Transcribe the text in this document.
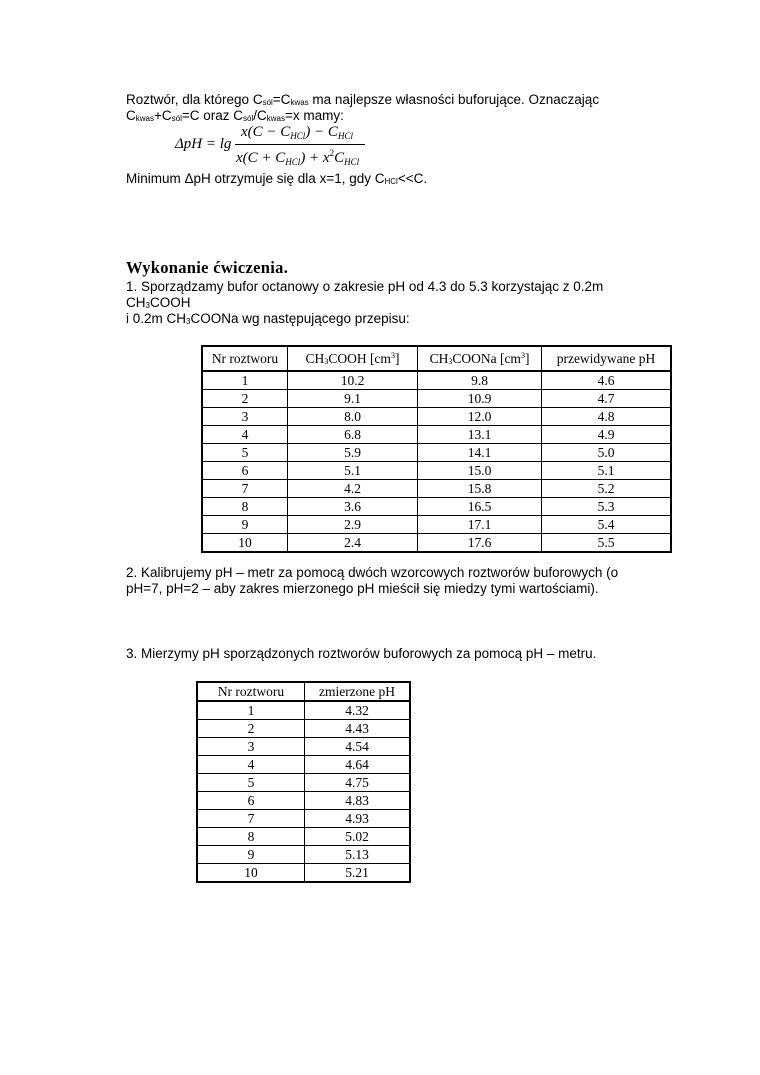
Roztwór, dla którego Csól=Ckwas ma najlepsze własności buforujące. Oznaczając
Ckwas+Csól=C oraz Csól/Ckwas=x mamy:
ΔpH = lg
$x(C - C_{HCl}) - C_{HCl}$
$x(C + C_{HCl}) + x^2C_{HCl}$
Minimum ΔpH otrzymuje się dla x=1, gdy CHCl<<C.
Wykonanie ćwiczenia.
1. Sporządzamy bufor octanowy o zakresie pH od 4.3 do 5.3 korzystając z 0.2m
CH3COOH
i 0.2m CH3COONa wg następującego przepisu:
Nr roztworu	CH3COOH $[cm^3]$	CH3COONa $[cm^3]$	przewidywane pH
1	10.2	9.8	4.6
2	9.1	10.9	4.7
3	8.0	12.0	4.8
4	6.8	13.1	4.9
5	5.9	14.1	5.0
6	5.1	15.0	5.1
7	4.2	15.8	5.2
8	3.6	16.5	5.3
9	2.9	17.1	5.4
10	2.4	17.6	5.5
2. Kalibrujemy pH – metr za pomocą dwóch wzorcowych roztworów buforowych (o
pH=7, pH=2 – aby zakres mierzonego pH mieścił się miedzy tymi wartościami).
3. Mierzymy pH sporządzonych roztworów buforowych za pomocą pH – metru.
Nr roztworu	zmierzone pH
1	4.32
2	4.43
3	4.54
4	4.64
5	4.75
6	4.83
7	4.93
8	5.02
9	5.13
10	5.21
